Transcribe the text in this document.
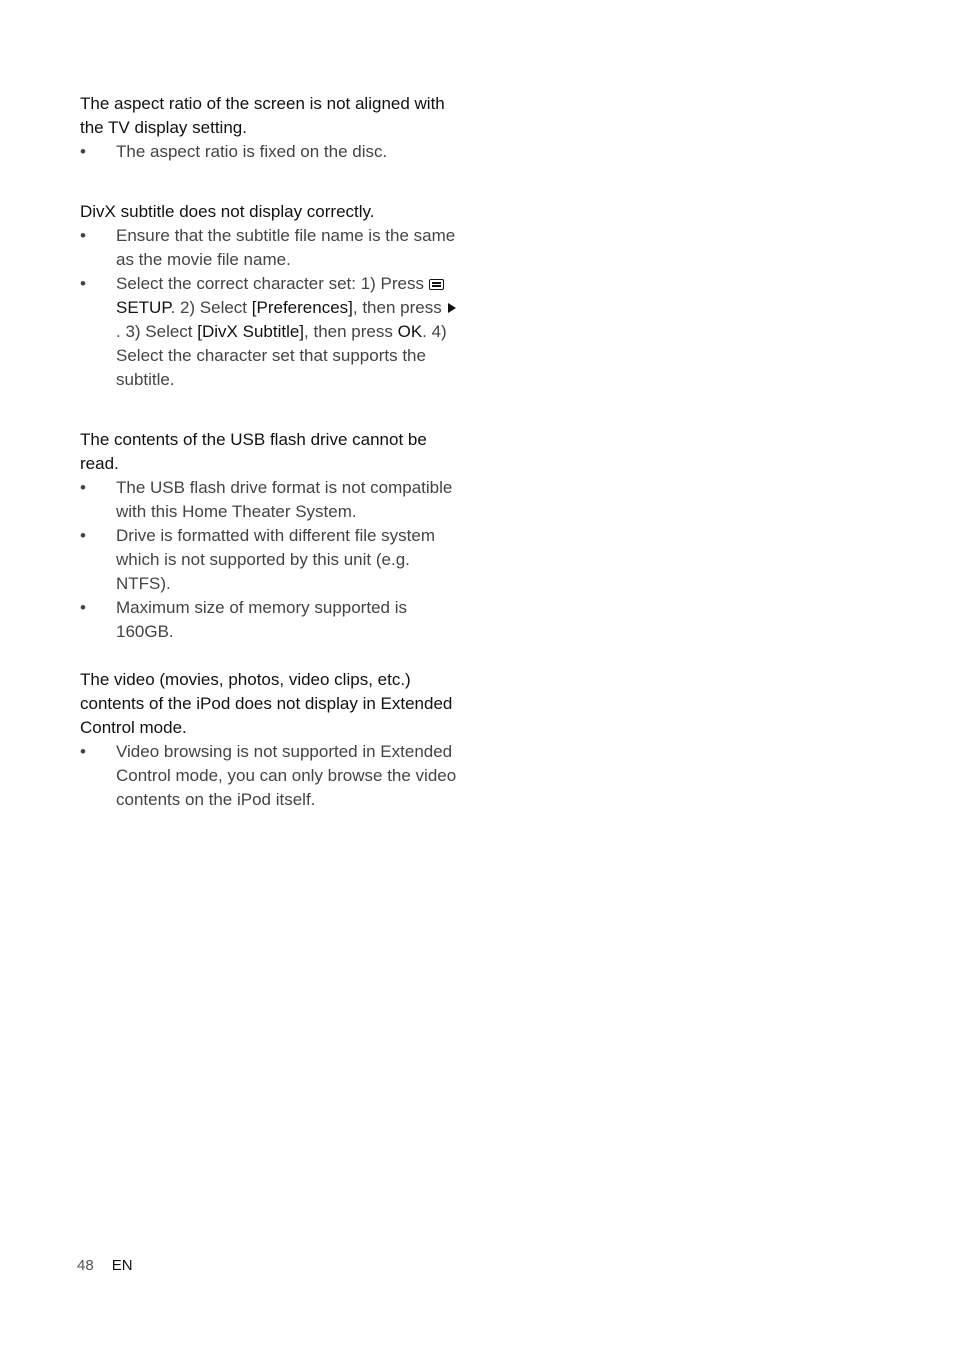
The aspect ratio of the screen is not aligned with the TV display setting.

• The aspect ratio is fixed on the disc.

DivX subtitle does not display correctly.

• Ensure that the subtitle file name is the same as the movie file name.
• Select the correct character set: 1) Press SETUP. 2) Select [Preferences], then press . 3) Select [DivX Subtitle], then press OK. 4) Select the character set that supports the subtitle.

The contents of the USB flash drive cannot be read.

• The USB flash drive format is not compatible with this Home Theater System.
• Drive is formatted with different file system which is not supported by this unit (e.g. NTFS).
• Maximum size of memory supported is 160GB.

The video (movies, photos, video clips, etc.) contents of the iPod does not display in Extended Control mode.

• Video browsing is not supported in Extended Control mode, you can only browse the video contents on the iPod itself.
48 EN
